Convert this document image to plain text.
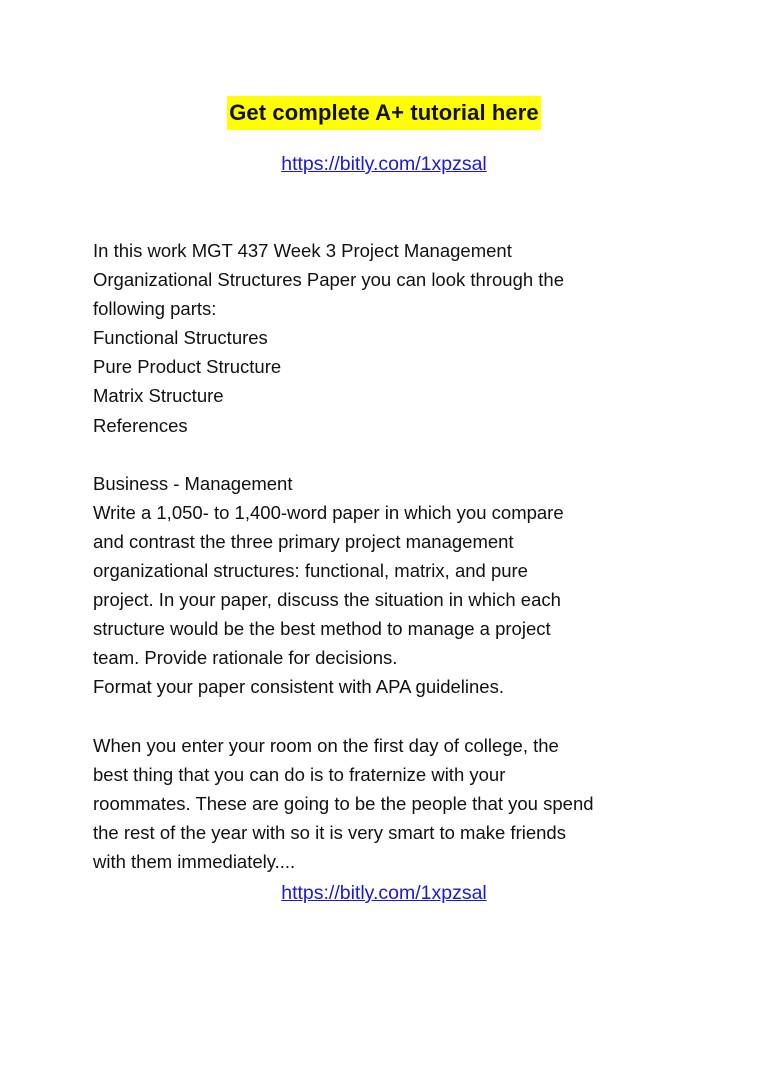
Get complete A+ tutorial here
https://bitly.com/1xpzsal
In this work MGT 437 Week 3 Project Management
Organizational Structures Paper you can look through the
following parts:
Functional Structures
Pure Product Structure
Matrix Structure
References
Business - Management
Write a 1,050- to 1,400-word paper in which you compare
and contrast the three primary project management
organizational structures: functional, matrix, and pure
project. In your paper, discuss the situation in which each
structure would be the best method to manage a project
team. Provide rationale for decisions.
Format your paper consistent with APA guidelines.
When you enter your room on the first day of college, the
best thing that you can do is to fraternize with your
roommates. These are going to be the people that you spend
the rest of the year with so it is very smart to make friends
with them immediately....
https://bitly.com/1xpzsal
